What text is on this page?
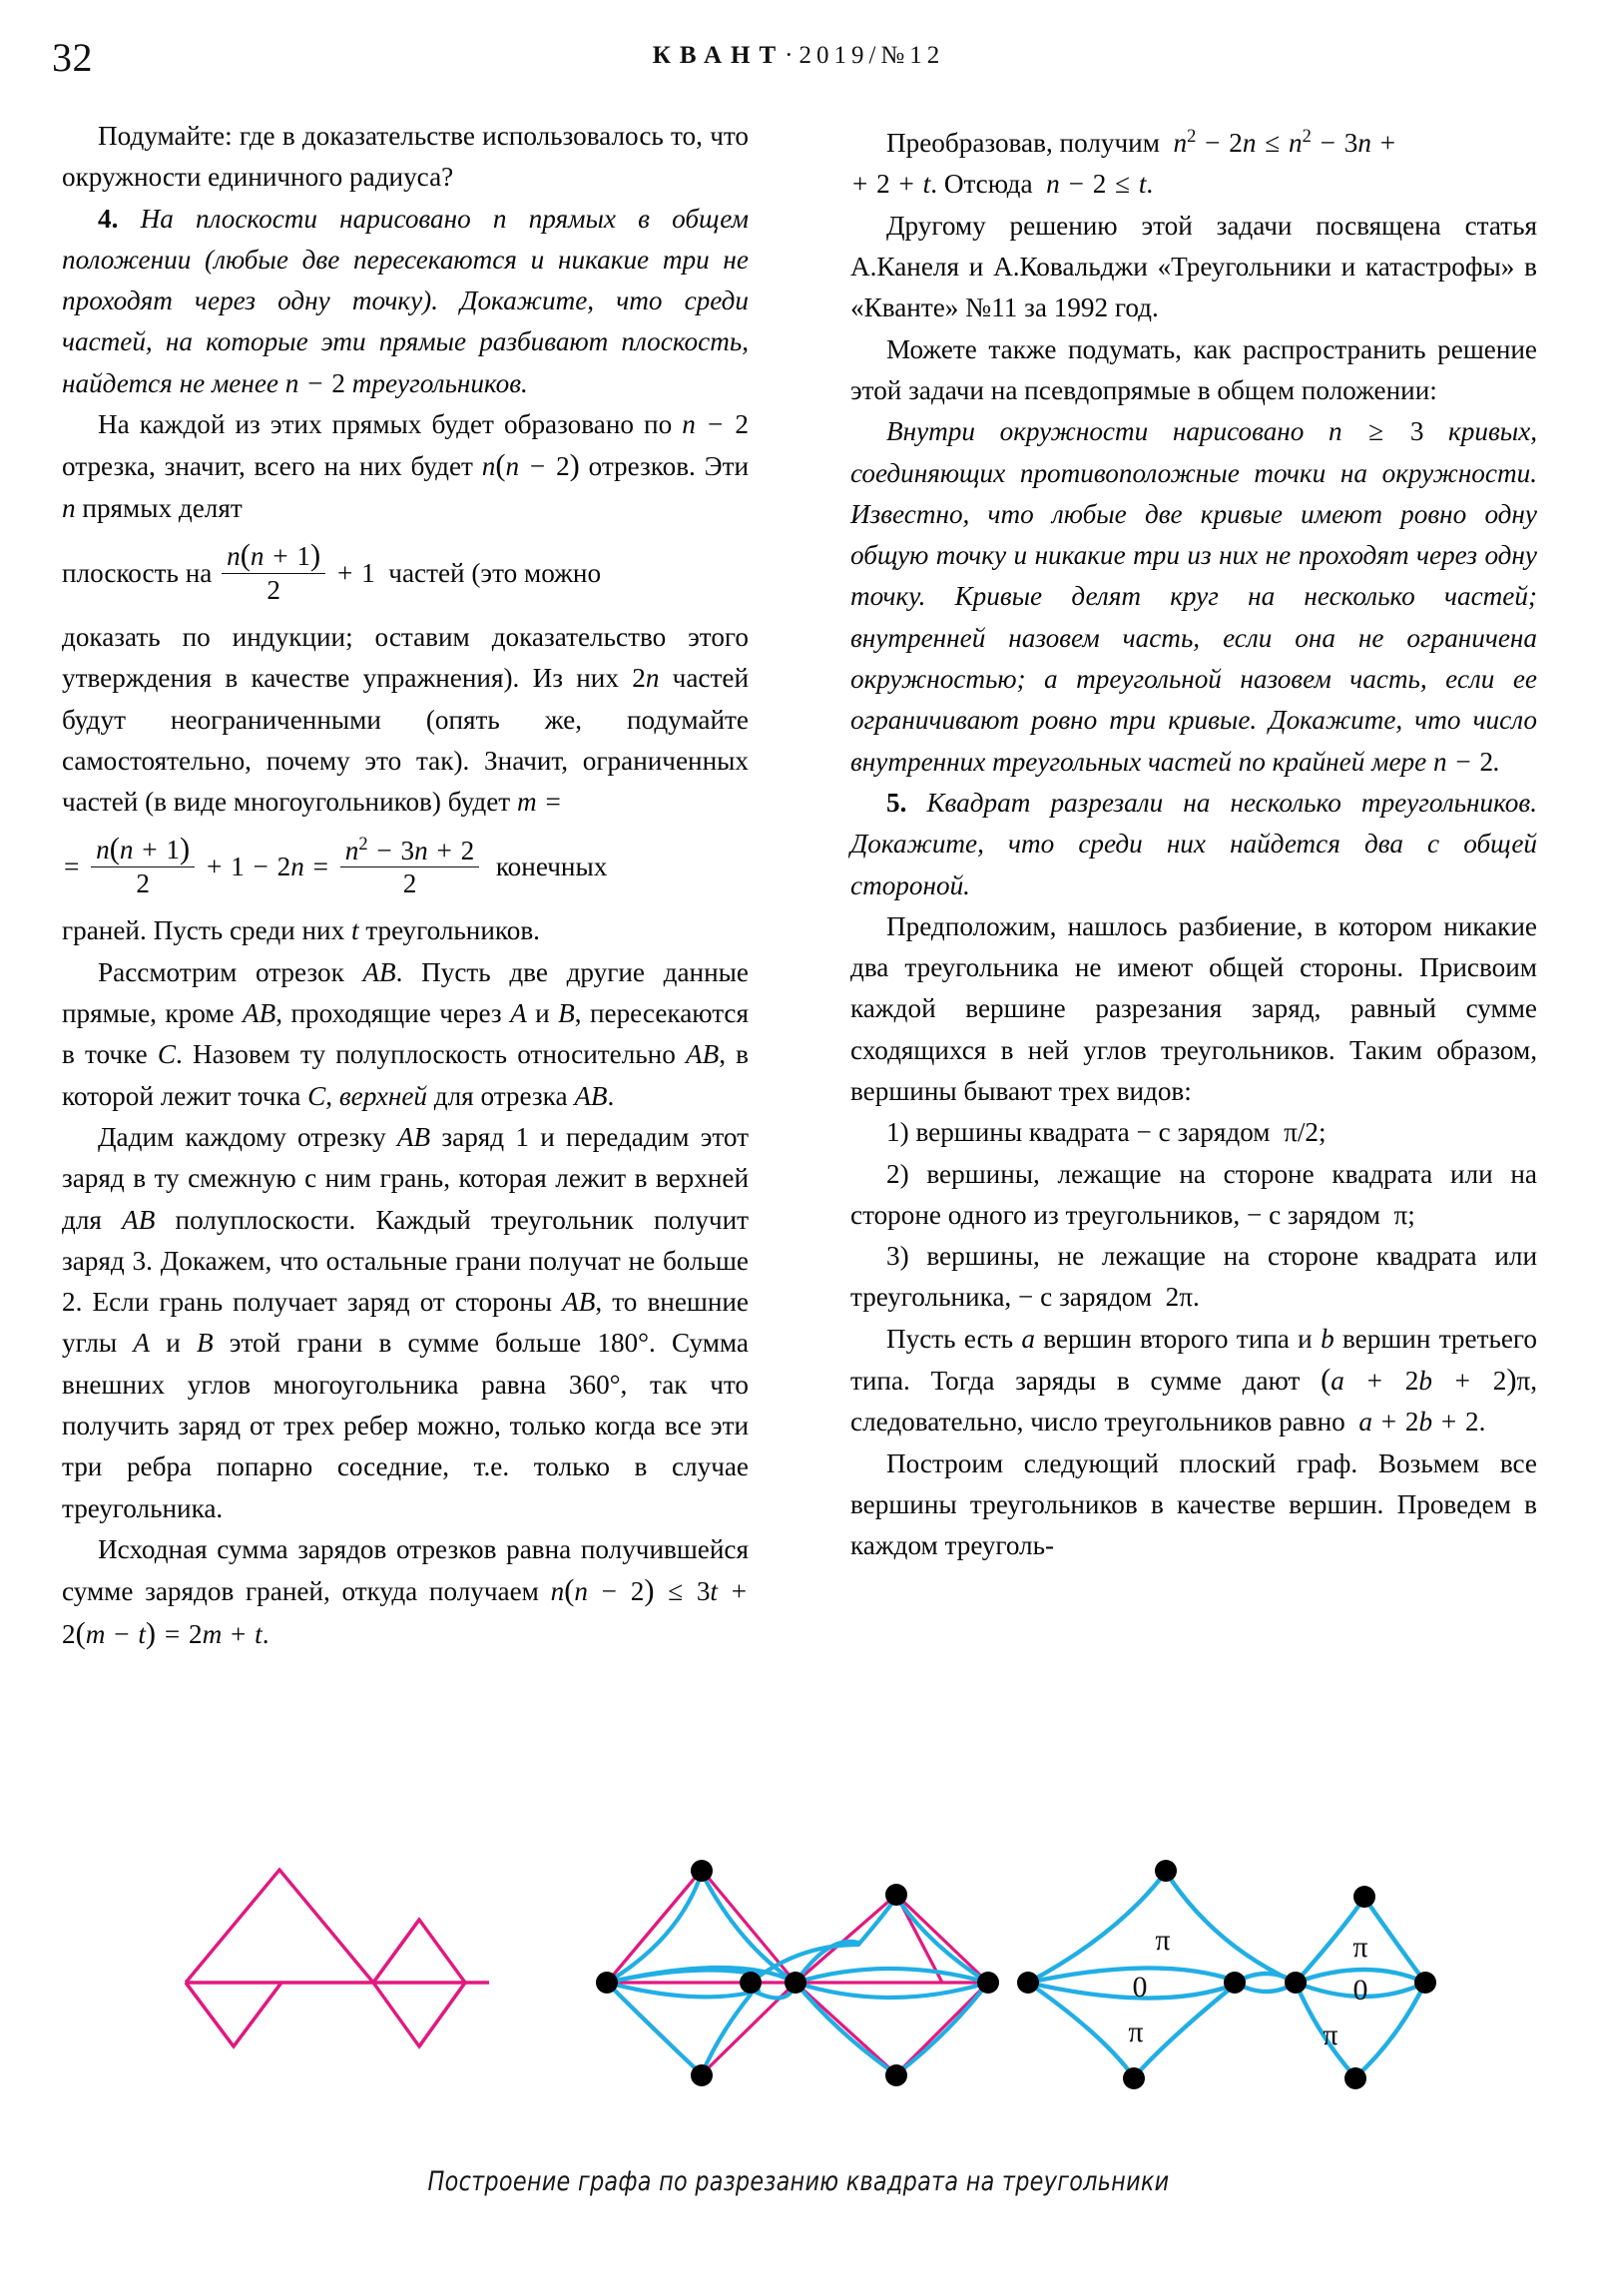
32	КВАНТ·2019/№12

Подумайте: где в доказательстве использовалось то, что окружности единичного радиуса?

4. На плоскости нарисовано n прямых в общем положении (любые две пересекаются и никакие три не проходят через одну точку). Докажите, что среди частей, на которые эти прямые разбивают плоскость, найдется не менее n − 2 треугольников.

На каждой из этих прямых будет образовано по n − 2 отрезка, значит, всего на них будет n(n − 2) отрезков. Эти n прямых делят

плоскость на $\frac{n(n + 1)}{2} + 1$  частей (это можно

доказать по индукции; оставим доказательство этого утверждения в качестве упражнения). Из них 2n частей будут неограниченными (опять же, подумайте самостоятельно, почему это так). Значит, ограниченных частей (в виде многоугольников) будет m =

= $\frac{n(n + 1)}{2} + 1 - 2n = \frac{n^2 - 3n + 2}{2}$ конечных

граней. Пусть среди них t треугольников.

Рассмотрим отрезок AB. Пусть две другие данные прямые, кроме AB, проходящие через A и B, пересекаются в точке C. Назовем ту полуплоскость относительно AB, в которой лежит точка C, верхней для отрезка AB.

Дадим каждому отрезку AB заряд 1 и передадим этот заряд в ту смежную с ним грань, которая лежит в верхней для AB полуплоскости. Каждый треугольник получит заряд 3. Докажем, что остальные грани получат не больше 2. Если грань получает заряд от стороны AB, то внешние углы A и B этой грани в сумме больше 180°. Сумма внешних углов многоугольника равна 360°, так что получить заряд от трех ребер можно, только когда все эти три ребра попарно соседние, т.е. только в случае треугольника.

Исходная сумма зарядов отрезков равна получившейся сумме зарядов граней, откуда получаем n(n − 2) ≤ 3t + 2(m − t) = 2m + t.

Преобразовав, получим  $n^2 - 2n \le n^2 - 3n$ +
+ 2 + t. Отсюда  n − 2 ≤ t.

Другому решению этой задачи посвящена статья А.Канеля и А.Ковальджи «Треугольники и катастрофы» в «Кванте» №11 за 1992 год.

Можете также подумать, как распространить решение этой задачи на псевдопрямые в общем положении:

Внутри окружности нарисовано n ≥ 3 кривых, соединяющих противоположные точки на окружности. Известно, что любые две кривые имеют ровно одну общую точку и никакие три из них не проходят через одну точку. Кривые делят круг на несколько частей; внутренней назовем часть, если она не ограничена окружностью; а треугольной назовем часть, если ее ограничивают ровно три кривые. Докажите, что число внутренних треугольных частей по крайней мере n − 2.

5. Квадрат разрезали на несколько треугольников. Докажите, что среди них найдется два с общей стороной.

Предположим, нашлось разбиение, в котором никакие два треугольника не имеют общей стороны. Присвоим каждой вершине разрезания заряд, равный сумме сходящихся в ней углов треугольников. Таким образом, вершины бывают трех видов:

1) вершины квадрата − с зарядом  π/2;

2) вершины, лежащие на стороне квадрата или на стороне одного из треугольников, − с зарядом  π;

3) вершины, не лежащие на стороне квадрата или треугольника, − с зарядом  2π.

Пусть есть a вершин второго типа и b вершин третьего типа. Тогда заряды в сумме дают (a + 2b + 2)π, следовательно, число треугольников равно  a + 2b + 2.

Построим следующий плоский граф. Возьмем все вершины треугольников в качестве вершин. Проведем в каждом треуголь-

π
0
π
π
0
π
Построение графа по разрезанию квадрата на треугольники
